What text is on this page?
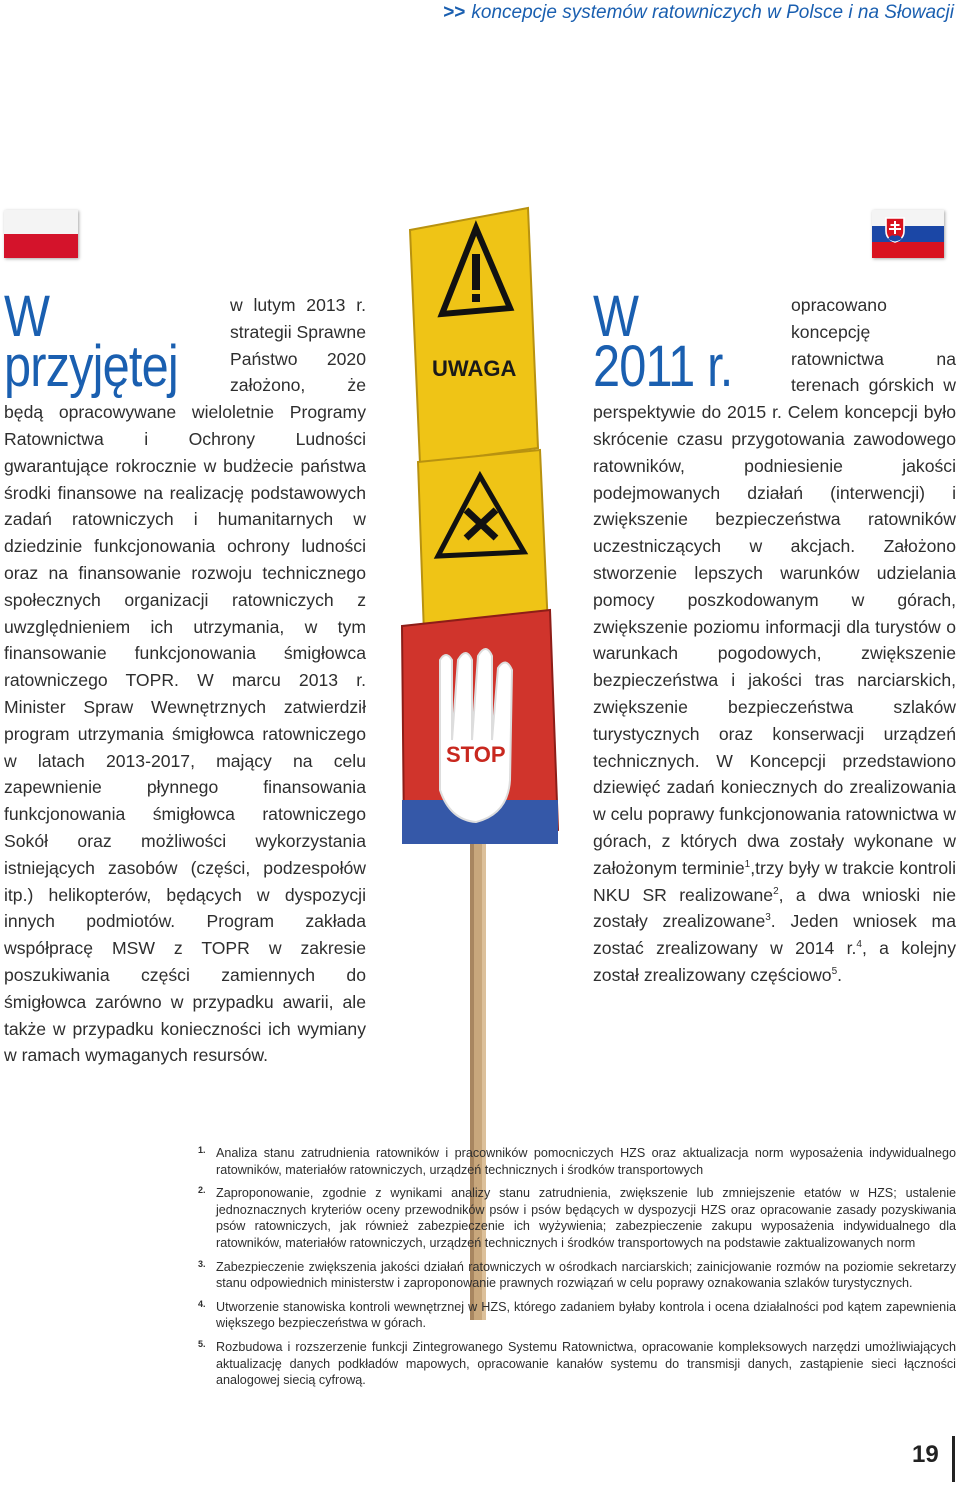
>> koncepcje systemów ratowniczych w Polsce i na Słowacji
W przyjętej

w lutym 2013 r. strategii Sprawne Państwo 2020 założono, że będą opracowywane wieloletnie Programy Ratownictwa i Ochrony Ludności gwarantujące rokrocznie w budżecie państwa środki finansowe na realizację podstawowych zadań ratowniczych i humanitarnych w dziedzinie funkcjonowania ochrony ludności oraz na finansowanie rozwoju technicznego społecznych organizacji ratowniczych z uwzględnieniem ich utrzymania, w tym finansowanie funkcjonowania śmigłowca ratowniczego TOPR. W marcu 2013 r. Minister Spraw Wewnętrznych zatwierdził program utrzymania śmigłowca ratowniczego w latach 2013-2017, mający na celu zapewnienie płynnego finansowania funkcjonowania śmigłowca ratowniczego Sokół oraz możliwości wykorzystania istniejących zasobów (części, podzespołów itp.) helikopterów, będących w dyspozycji innych podmiotów. Program zakłada współpracę MSW z TOPR w zakresie poszukiwania części zamiennych do śmigłowca zarówno w przypadku awarii, ale także w przypadku konieczności ich wymiany w ramach wymaganych resursów.

UWAGA
STOP
W 2011 r.

opracowano koncepcję ratownictwa na terenach górskich w perspektywie do 2015 r. Celem koncepcji było skrócenie czasu przygotowania zawodowego ratowników, podniesienie jakości podejmowanych działań (interwencji) i zwiększenie bezpieczeństwa ratowników uczestniczących w akcjach. Założono stworzenie lepszych warunków udzielania pomocy poszkodowanym w górach, zwiększenie poziomu informacji dla turystów o warunkach pogodowych, zwiększenie bezpieczeństwa i jakości tras narciarskich, zwiększenie bezpieczeństwa szlaków turystycznych oraz konserwacji urządzeń technicznych. W Koncepcji przedstawiono dziewięć zadań koniecznych do zrealizowania w celu poprawy funkcjonowania ratownictwa w górach, z których dwa zostały wykonane w założonym terminie$^1$,trzy były w trakcie kontroli NKU SR realizowane$^2$, a dwa wnioski nie zostały zrealizowane$^3$. Jeden wniosek ma zostać zrealizowany w 2014 r.$^4$, a kolejny został zrealizowany częściowo$^5$.

1. Analiza stanu zatrudnienia ratowników i pracowników pomocniczych HZS oraz aktualizacja norm wyposażenia indywidualnego ratowników, materiałów ratowniczych, urządzeń technicznych i środków transportowych
2. Zaproponowanie, zgodnie z wynikami analizy stanu zatrudnienia, zwiększenie lub zmniejszenie etatów w HZS; ustalenie jednoznacznych kryteriów oceny przewodników psów i psów będących w dyspozycji HZS oraz opracowanie zasady pozyskiwania psów ratowniczych, jak również zabezpieczenie ich wyżywienia; zabezpieczenie zakupu wyposażenia indywidualnego dla ratowników, materiałów ratowniczych, urządzeń technicznych i środków transportowych na podstawie zaktualizowanych norm
3. Zabezpieczenie zwiększenia jakości działań ratowniczych w ośrodkach narciarskich; zainicjowanie rozmów na poziomie sekretarzy stanu odpowiednich ministerstw i zaproponowanie prawnych rozwiązań w celu poprawy oznakowania szlaków turystycznych.
4. Utworzenie stanowiska kontroli wewnętrznej w HZS, którego zadaniem byłaby kontrola i ocena działalności pod kątem zapewnienia większego bezpieczeństwa w górach.
5. Rozbudowa i rozszerzenie funkcji Zintegrowanego Systemu Ratownictwa, opracowanie kompleksowych narzędzi umożliwiających aktualizację danych podkładów mapowych, opracowanie kanałów systemu do transmisji danych, zastąpienie sieci łączności analogowej siecią cyfrową.
19
